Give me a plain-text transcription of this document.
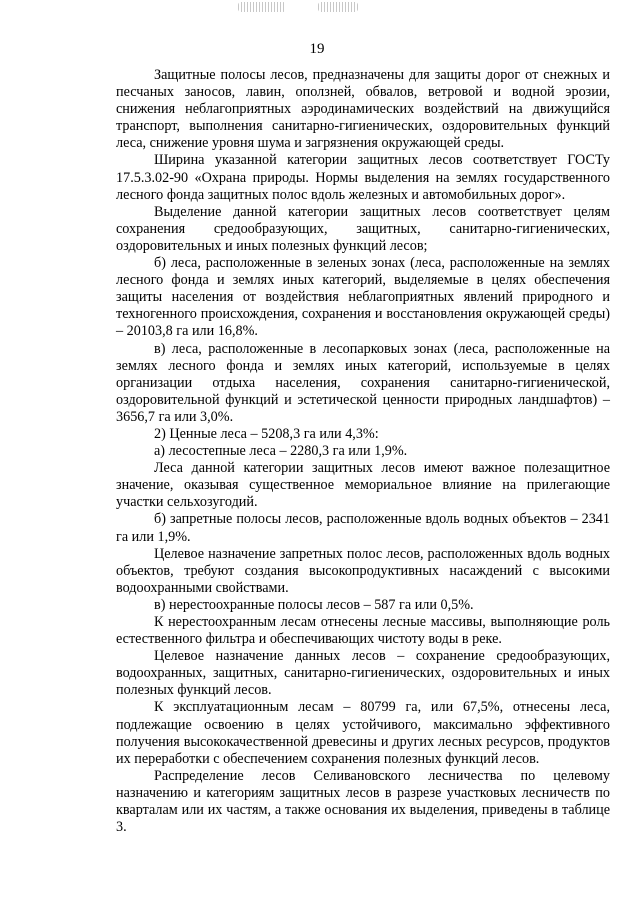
19

Защитные полосы лесов, предназначены для защиты дорог от снежных и песчаных заносов, лавин, оползней, обвалов, ветровой и водной эрозии, снижения неблагоприятных аэродинамических воздействий на движущийся транспорт, выполнения санитарно-гигиенических, оздоровительных функций леса, снижение уровня шума и загрязнения окружающей среды.

Ширина указанной категории защитных лесов соответствует ГОСТу 17.5.3.02-90 «Охрана природы. Нормы выделения на землях государственного лесного фонда защитных полос вдоль железных и автомобильных дорог».

Выделение данной категории защитных лесов соответствует целям сохранения средообразующих, защитных, санитарно-гигиенических, оздоровительных и иных полезных функций лесов;

б) леса, расположенные в зеленых зонах (леса, расположенные на землях лесного фонда и землях иных категорий, выделяемые в целях обеспечения защиты населения от воздействия неблагоприятных явлений природного и техногенного происхождения, сохранения и восстановления окружающей среды) – 20103,8 га или 16,8%.

в) леса, расположенные в лесопарковых зонах (леса, расположенные на землях лесного фонда и землях иных категорий, используемые в целях организации отдыха населения, сохранения санитарно-гигиенической, оздоровительной функций и эстетической ценности природных ландшафтов) – 3656,7 га или 3,0%.

2) Ценные леса – 5208,3 га или 4,3%:

а) лесостепные леса – 2280,3 га или 1,9%.

Леса данной категории защитных лесов имеют важное полезащитное значение, оказывая существенное мемориальное влияние на прилегающие участки сельхозугодий.

б) запретные полосы лесов, расположенные вдоль водных объектов – 2341 га или 1,9%.

Целевое назначение запретных полос лесов, расположенных вдоль водных объектов, требуют создания высокопродуктивных насаждений с высокими водоохранными свойствами.

в) нерестоохранные полосы лесов – 587 га или 0,5%.

К нерестоохранным лесам отнесены лесные массивы, выполняющие роль естественного фильтра и обеспечивающих чистоту воды в реке.

Целевое назначение данных лесов – сохранение средообразующих, водоохранных, защитных, санитарно-гигиенических, оздоровительных и иных полезных функций лесов.

К эксплуатационным лесам – 80799 га, или 67,5%, отнесены леса, подлежащие освоению в целях устойчивого, максимально эффективного получения высококачественной древесины и других лесных ресурсов, продуктов их переработки с обеспечением сохранения полезных функций лесов.

Распределение лесов Селивановского лесничества по целевому назначению и категориям защитных лесов в разрезе участковых лесничеств по кварталам или их частям, а также основания их выделения, приведены в таблице 3.
